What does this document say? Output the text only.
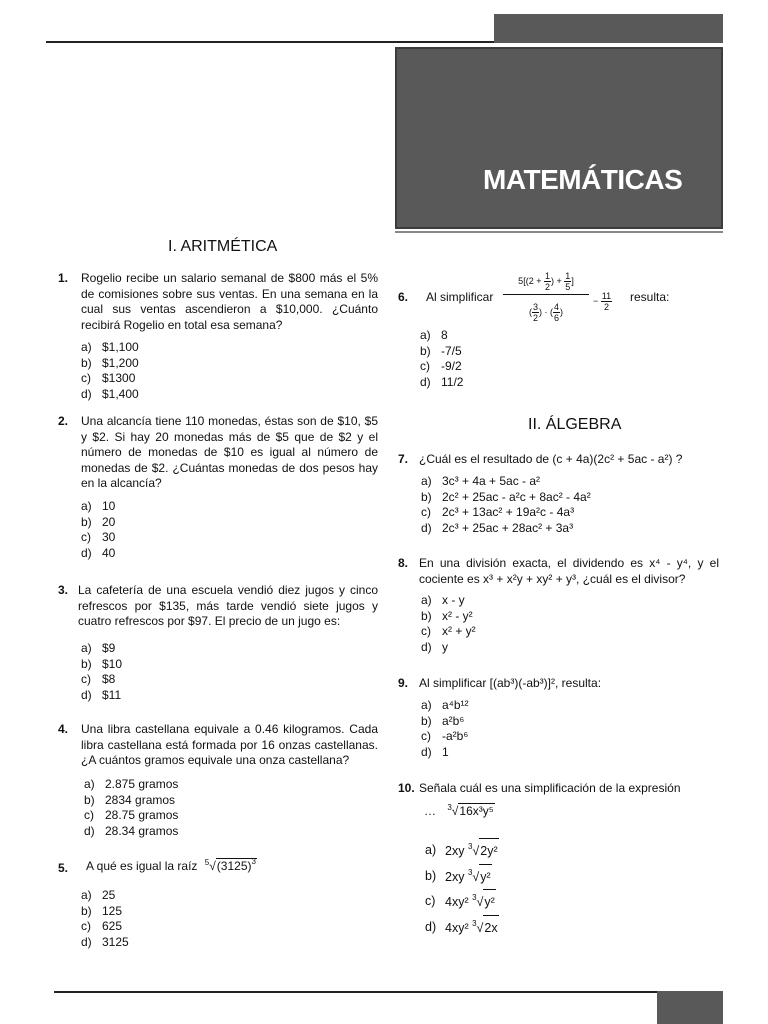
MATEMÁTICAS
I. ARITMÉTICA
1. Rogelio recibe un salario semanal de $800 más el 5% de comisiones sobre sus ventas. En una semana en la cual sus ventas ascendieron a $10,000. ¿Cuánto recibirá Rogelio en total esa semana?
a) $1,100
b) $1,200
c) $1300
d) $1,400
2. Una alcancía tiene 110 monedas, éstas son de $10, $5 y $2. Si hay 20 monedas más de $5 que de $2 y el número de monedas de $10 es igual al número de monedas de $2. ¿Cuántas monedas de dos pesos hay en la alcancía?
a) 10
b) 20
c) 30
d) 40
3. La cafetería de una escuela vendió diez jugos y cinco refrescos por $135, más tarde vendió siete jugos y cuatro refrescos por $97. El precio de un jugo es:
a) $9
b) $10
c) $8
d) $11
4. Una libra castellana equivale a 0.46 kilogramos. Cada libra castellana está formada por 16 onzas castellanas. ¿A cuántos gramos equivale una onza castellana?
a) 2.875 gramos
b) 2834 gramos
c) 28.75 gramos
d) 28.34 gramos
5. A qué es igual la raíz $^5√(3125)^3$
a) 25
b) 125
c) 625
d) 3125
6. Al simplificar
$5[(2 + \frac{1}{2}$ ) + $\frac{1}{5}$ ]
( $\frac{3}{2}$ ) · ( $\frac{4}{6}$ )
− $\frac{11}{2}$ resulta:
a) 8
b) -7/5
c) -9/2
d) 11/2
II. ÁLGEBRA
7. ¿Cuál es el resultado de (c + 4a)(2c² + 5ac - a²) ?
a) 3c³ + 4a + 5ac - a²
b) 2c² + 25ac - a²c + 8ac² - 4a²
c) 2c³ + 13ac² + 19a²c - 4a³
d) 2c³ + 25ac + 28ac² + 3a³
8. En una división exacta, el dividendo es x⁴ - y⁴, y el cociente es x³ + x²y + xy² + y³, ¿cuál es el divisor?
a) x - y
b) x² - y²
c) x² + y²
d) y
9. Al simplificar [(ab³)(-ab³)]², resulta:
a) a⁴b¹²
b) a²b⁶
c) -a²b⁶
d) 1
10. Señala cuál es una simplificación de la expresión
… $^3$√16x³y⁵
a) 2xy $^3$√2y²
b) 2xy $^3$√y²
c) 4xy² $^3$√y²
d) 4xy² $^3$√2x
